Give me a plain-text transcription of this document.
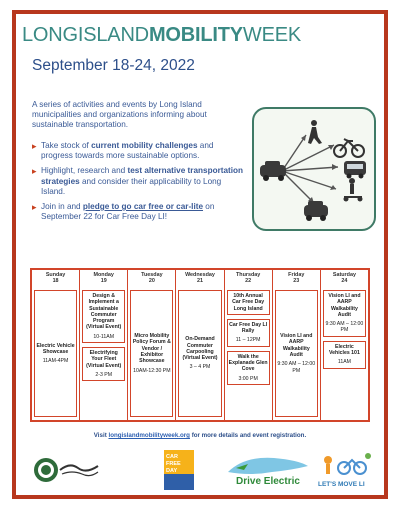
LONGISLANDMOBILITYWEEK
September 18-24, 2022

A series of activities and events by Long Island municipalities and organizations informing about sustainable transportation.

▸ Take stock of current mobility challenges and progress towards more sustainable options.
▸ Highlight, research and test alternative transportation strategies and consider their applicability to Long Island.
▸ Join in and pledge to go car free or car-lite on September 22 for Car Free Day LI!
Sunday
18
Electric Vehicle Showcase
11AM-4PM
Monday
19
Design & Implement a Sustainable Commuter Program (Virtual Event)
10-11AM
Electrifying Your Fleet (Virtual Event)
2-3 PM
Tuesday
20
Micro Mobility Policy Forum & Vendor / Exhibitor Showcase
10AM-12:30 PM
Wednesday
21
On-Demand Commuter Carpooling (Virtual Event)
3 – 4 PM
Thursday
22
10th Annual Car Free Day Long Island
Car Free Day LI Rally
11 – 12PM
Walk the Explanade Glen Cove
3:00 PM
Friday
23
Vision LI and AARP Walkability Audit
9:30 AM – 12:00 PM
Saturday
24
Vision LI and AARP Walkability Audit
9:30 AM – 12:00 PM
Electric Vehicles 101
11AM
Visit longislandmobilityweek.org for more details and event registration.
CAR FREE DAY
Drive Electric	LET'S MOVE LI
